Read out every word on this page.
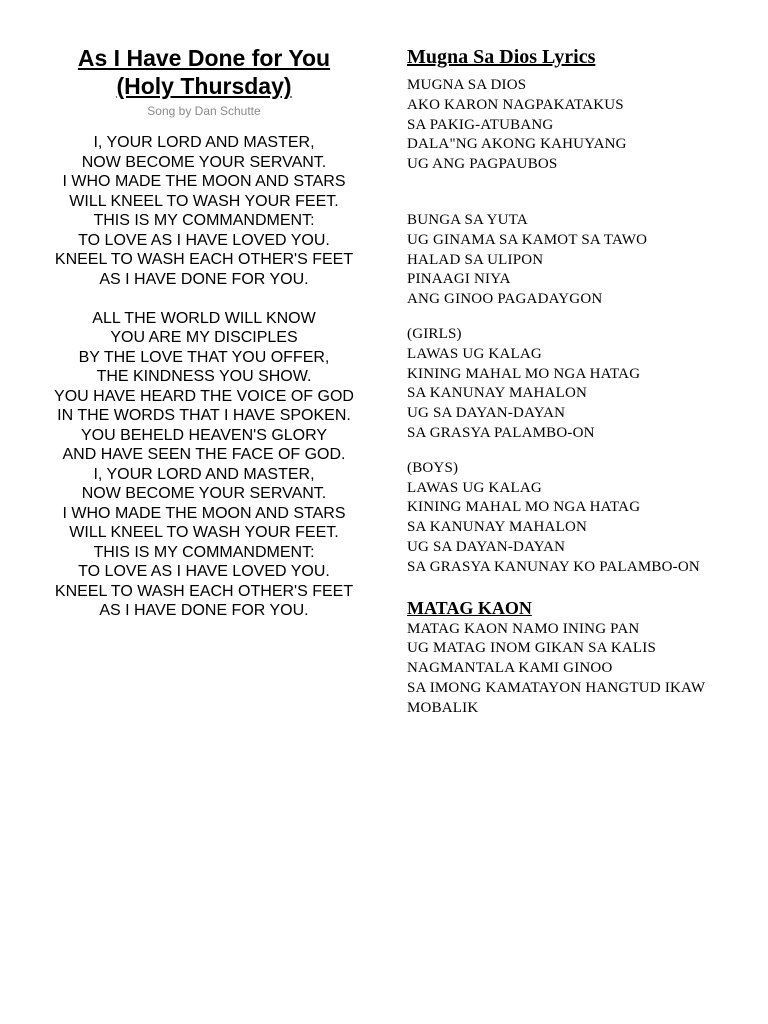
As I Have Done for You
(Holy Thursday)
Song by Dan Schutte
I, YOUR LORD AND MASTER,
NOW BECOME YOUR SERVANT.
I WHO MADE THE MOON AND STARS
WILL KNEEL TO WASH YOUR FEET.
THIS IS MY COMMANDMENT:
TO LOVE AS I HAVE LOVED YOU.
KNEEL TO WASH EACH OTHER'S FEET
AS I HAVE DONE FOR YOU.
ALL THE WORLD WILL KNOW
YOU ARE MY DISCIPLES
BY THE LOVE THAT YOU OFFER,
THE KINDNESS YOU SHOW.
YOU HAVE HEARD THE VOICE OF GOD
IN THE WORDS THAT I HAVE SPOKEN.
YOU BEHELD HEAVEN'S GLORY
AND HAVE SEEN THE FACE OF GOD.
I, YOUR LORD AND MASTER,
NOW BECOME YOUR SERVANT.
I WHO MADE THE MOON AND STARS
WILL KNEEL TO WASH YOUR FEET.
THIS IS MY COMMANDMENT:
TO LOVE AS I HAVE LOVED YOU.
KNEEL TO WASH EACH OTHER'S FEET
AS I HAVE DONE FOR YOU.
Mugna Sa Dios Lyrics
MUGNA SA DIOS
AKO KARON NAGPAKATAKUS
SA PAKIG-ATUBANG
DALA"NG AKONG KAHUYANG
UG ANG PAGPAUBOS
BUNGA SA YUTA
UG GINAMA SA KAMOT SA TAWO
HALAD SA ULIPON
PINAAGI NIYA
ANG GINOO PAGADAYGON
(GIRLS)
LAWAS UG KALAG
KINING MAHAL MO NGA HATAG
SA KANUNAY MAHALON
UG SA DAYAN-DAYAN
SA GRASYA PALAMBO-ON
(BOYS)
LAWAS UG KALAG
KINING MAHAL MO NGA HATAG
SA KANUNAY MAHALON
UG SA DAYAN-DAYAN
SA GRASYA KANUNAY KO PALAMBO-ON
MATAG KAON
MATAG KAON NAMO INING PAN
UG MATAG INOM GIKAN SA KALIS
NAGMANTALA KAMI GINOO
SA IMONG KAMATAYON HANGTUD IKAW MOBALIK
